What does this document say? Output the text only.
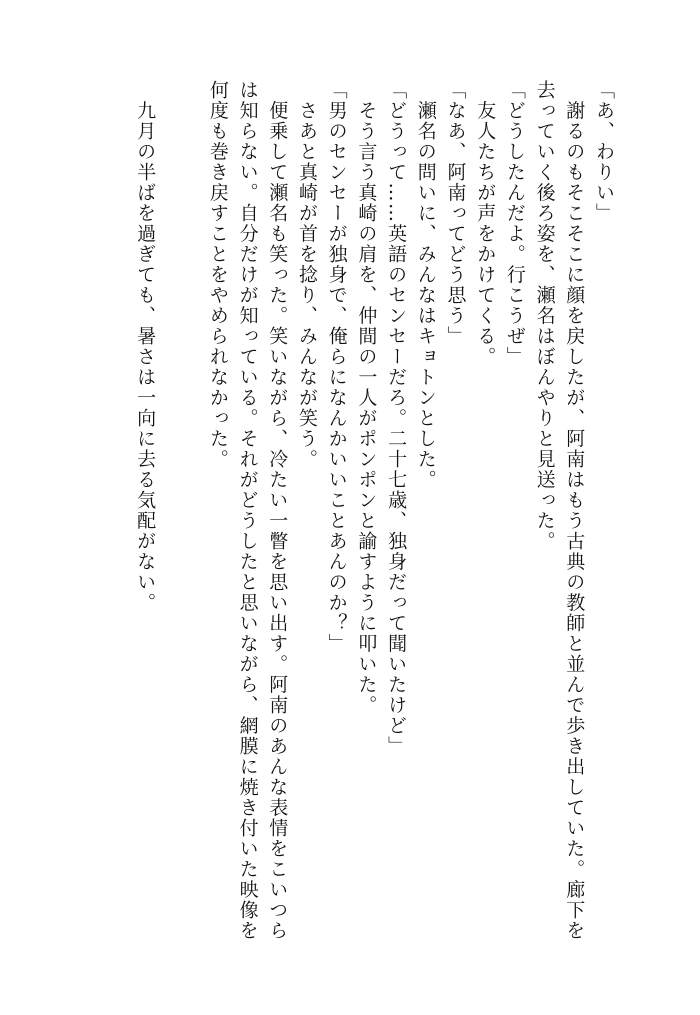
「あ、わりい」
　謝るのもそこそこに顔を戻したが、阿南はもう古典の教師と並んで歩き出していた。廊下を
去っていく後ろ姿を、瀬名はぼんやりと見送った。
「どうしたんだよ。行こうぜ」
　友人たちが声をかけてくる。
「なあ、阿南ってどう思う」
　瀬名の問いに、みんなはキョトンとした。
「どうって……英語のセンセーだろ。二十七歳、独身だって聞いたけど」
　そう言う真崎の肩を、仲間の一人がポンポンと諭すように叩いた。
「男のセンセーが独身で、俺らになんかいいことあんのか？」
　さあと真崎が首を捻り、みんなが笑う。
　便乗して瀬名も笑った。笑いながら、冷たい一瞥を思い出す。阿南のあんな表情をこいつら
は知らない。自分だけが知っている。それがどうしたと思いながら、網膜に焼き付いた映像を
何度も巻き戻すことをやめられなかった。
　九月の半ばを過ぎても、暑さは一向に去る気配がない。
